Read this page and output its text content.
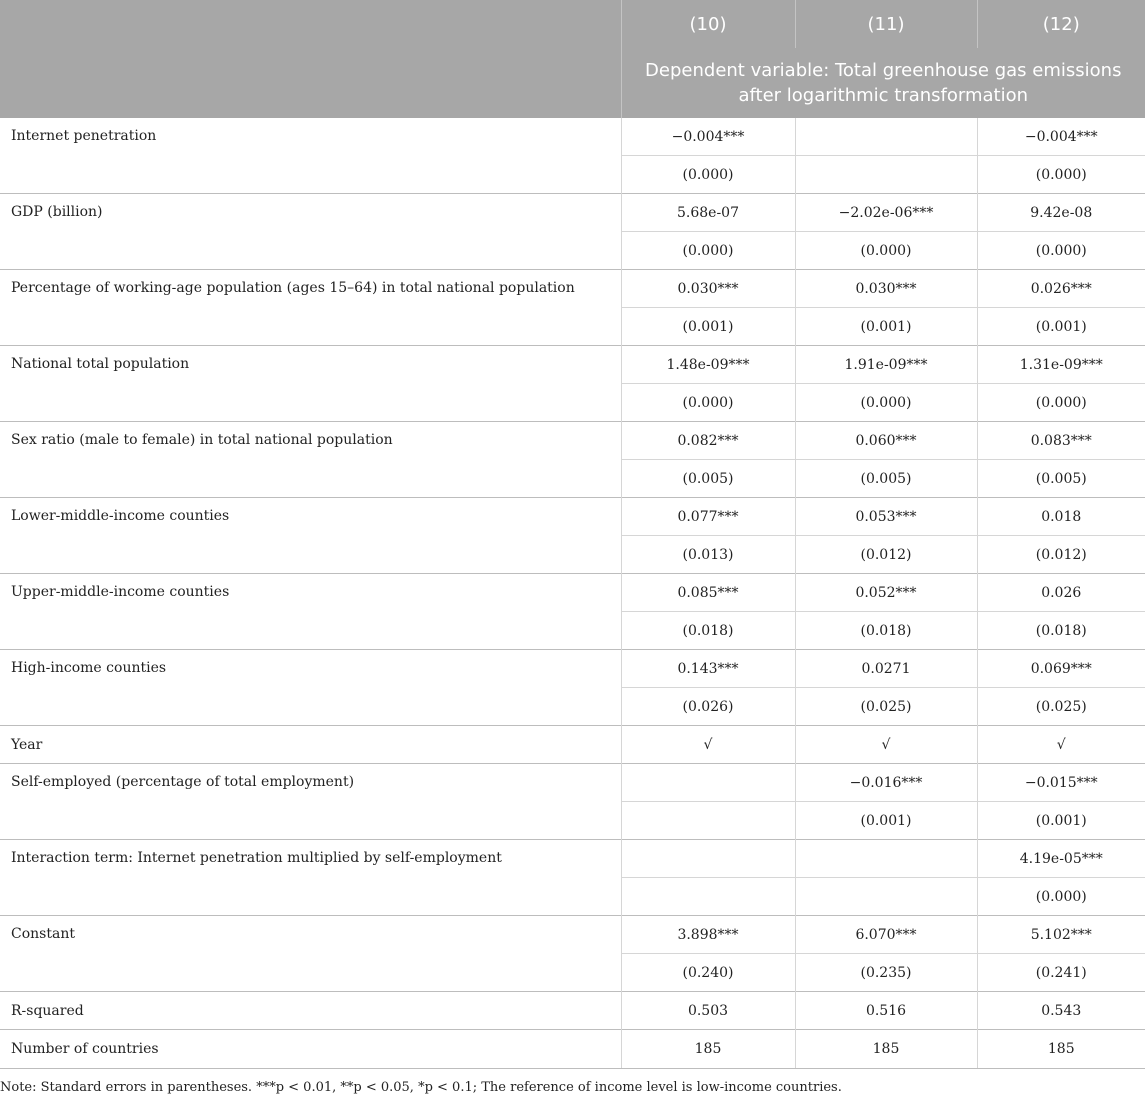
	(10)	(11)	(12)
	Dependent variable: Total greenhouse gas emissions after logarithmic transformation		
Internet penetration	−0.004***		−0.004***
	(0.000)		(0.000)
GDP (billion)	5.68e-07	−2.02e-06***	9.42e-08
	(0.000)	(0.000)	(0.000)
Percentage of working-age population (ages 15–64) in total national population	0.030***	0.030***	0.026***
	(0.001)	(0.001)	(0.001)
National total population	1.48e-09***	1.91e-09***	1.31e-09***
	(0.000)	(0.000)	(0.000)
Sex ratio (male to female) in total national population	0.082***	0.060***	0.083***
	(0.005)	(0.005)	(0.005)
Lower-middle-income counties	0.077***	0.053***	0.018
	(0.013)	(0.012)	(0.012)
Upper-middle-income counties	0.085***	0.052***	0.026
	(0.018)	(0.018)	(0.018)
High-income counties	0.143***	0.0271	0.069***
	(0.026)	(0.025)	(0.025)
Year	√	√	√
Self-employed (percentage of total employment)		−0.016***	−0.015***
		(0.001)	(0.001)
Interaction term: Internet penetration multiplied by self-employment			4.19e-05***
			(0.000)
Constant	3.898***	6.070***	5.102***
	(0.240)	(0.235)	(0.241)
R-squared	0.503	0.516	0.543
Number of countries	185	185	185
Note: Standard errors in parentheses. ***p < 0.01, **p < 0.05, *p < 0.1; The reference of income level is low-income countries.
